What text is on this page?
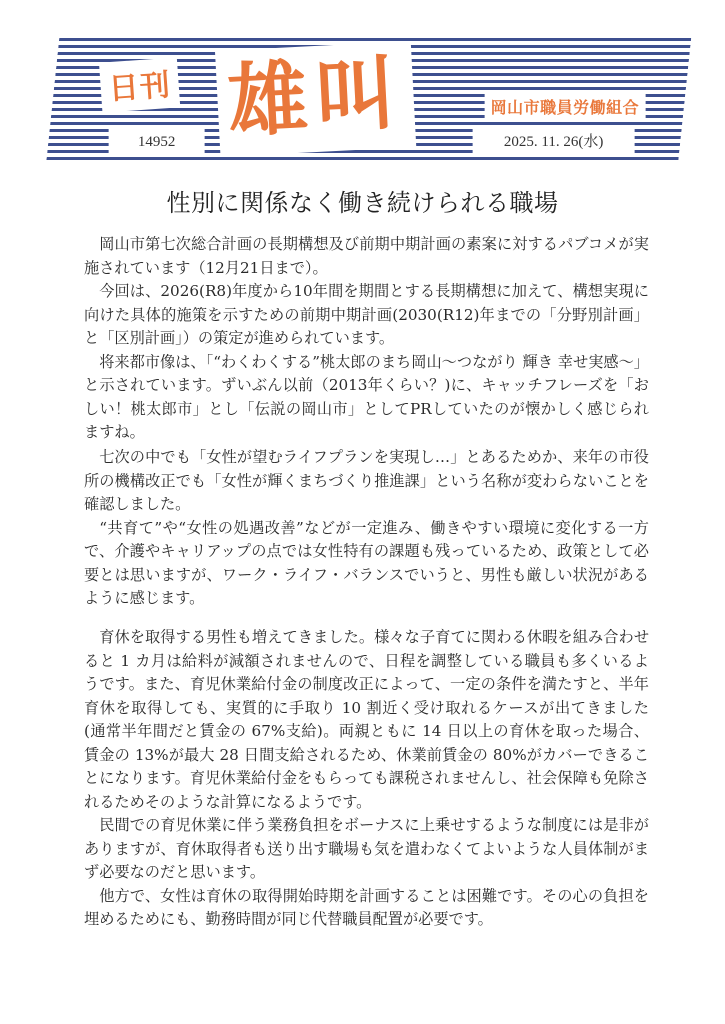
日刊 雄叫	岡山市職員労働組合
14952	2025. 11. 26(水)
性別に関係なく働き続けられる職場

岡山市第七次総合計画の長期構想及び前期中期計画の素案に対するパブコメが実施されています（12月21日まで）。

今回は、2026(R8)年度から10年間を期間とする長期構想に加えて、構想実現に向けた具体的施策を示すための前期中期計画(2030(R12)年までの「分野別計画」と「区別計画」）の策定が進められています。

将来都市像は、「“わくわくする”桃太郎のまち岡山〜つながり 輝き 幸せ実感〜」と示されています。ずいぶん以前（2013年くらい？)に、キャッチフレーズを「おしい！桃太郎市」とし「伝説の岡山市」としてPRしていたのが懐かしく感じられますね。

七次の中でも「女性が望むライフプランを実現し…」とあるためか、来年の市役所の機構改正でも「女性が輝くまちづくり推進課」という名称が変わらないことを確認しました。

“共育て”や“女性の処遇改善”などが一定進み、働きやすい環境に変化する一方で、介護やキャリアップの点では女性特有の課題も残っているため、政策として必要とは思いますが、ワーク・ライフ・バランスでいうと、男性も厳しい状況があるように感じます。

育休を取得する男性も増えてきました。様々な子育てに関わる休暇を組み合わせると 1 カ月は給料が減額されませんので、日程を調整している職員も多くいるようです。また、育児休業給付金の制度改正によって、一定の条件を満たすと、半年育休を取得しても、実質的に手取り 10 割近く受け取れるケースが出てきました(通常半年間だと賃金の 67%支給)。両親ともに 14 日以上の育休を取った場合、賃金の 13%が最大 28 日間支給されるため、休業前賃金の 80%がカバーできることになります。育児休業給付金をもらっても課税されませんし、社会保障も免除されるためそのような計算になるようです。

民間での育児休業に伴う業務負担をボーナスに上乗せするような制度には是非がありますが、育休取得者も送り出す職場も気を遣わなくてよいような人員体制がまず必要なのだと思います。

他方で、女性は育休の取得開始時期を計画することは困難です。その心の負担を埋めるためにも、勤務時間が同じ代替職員配置が必要です。
